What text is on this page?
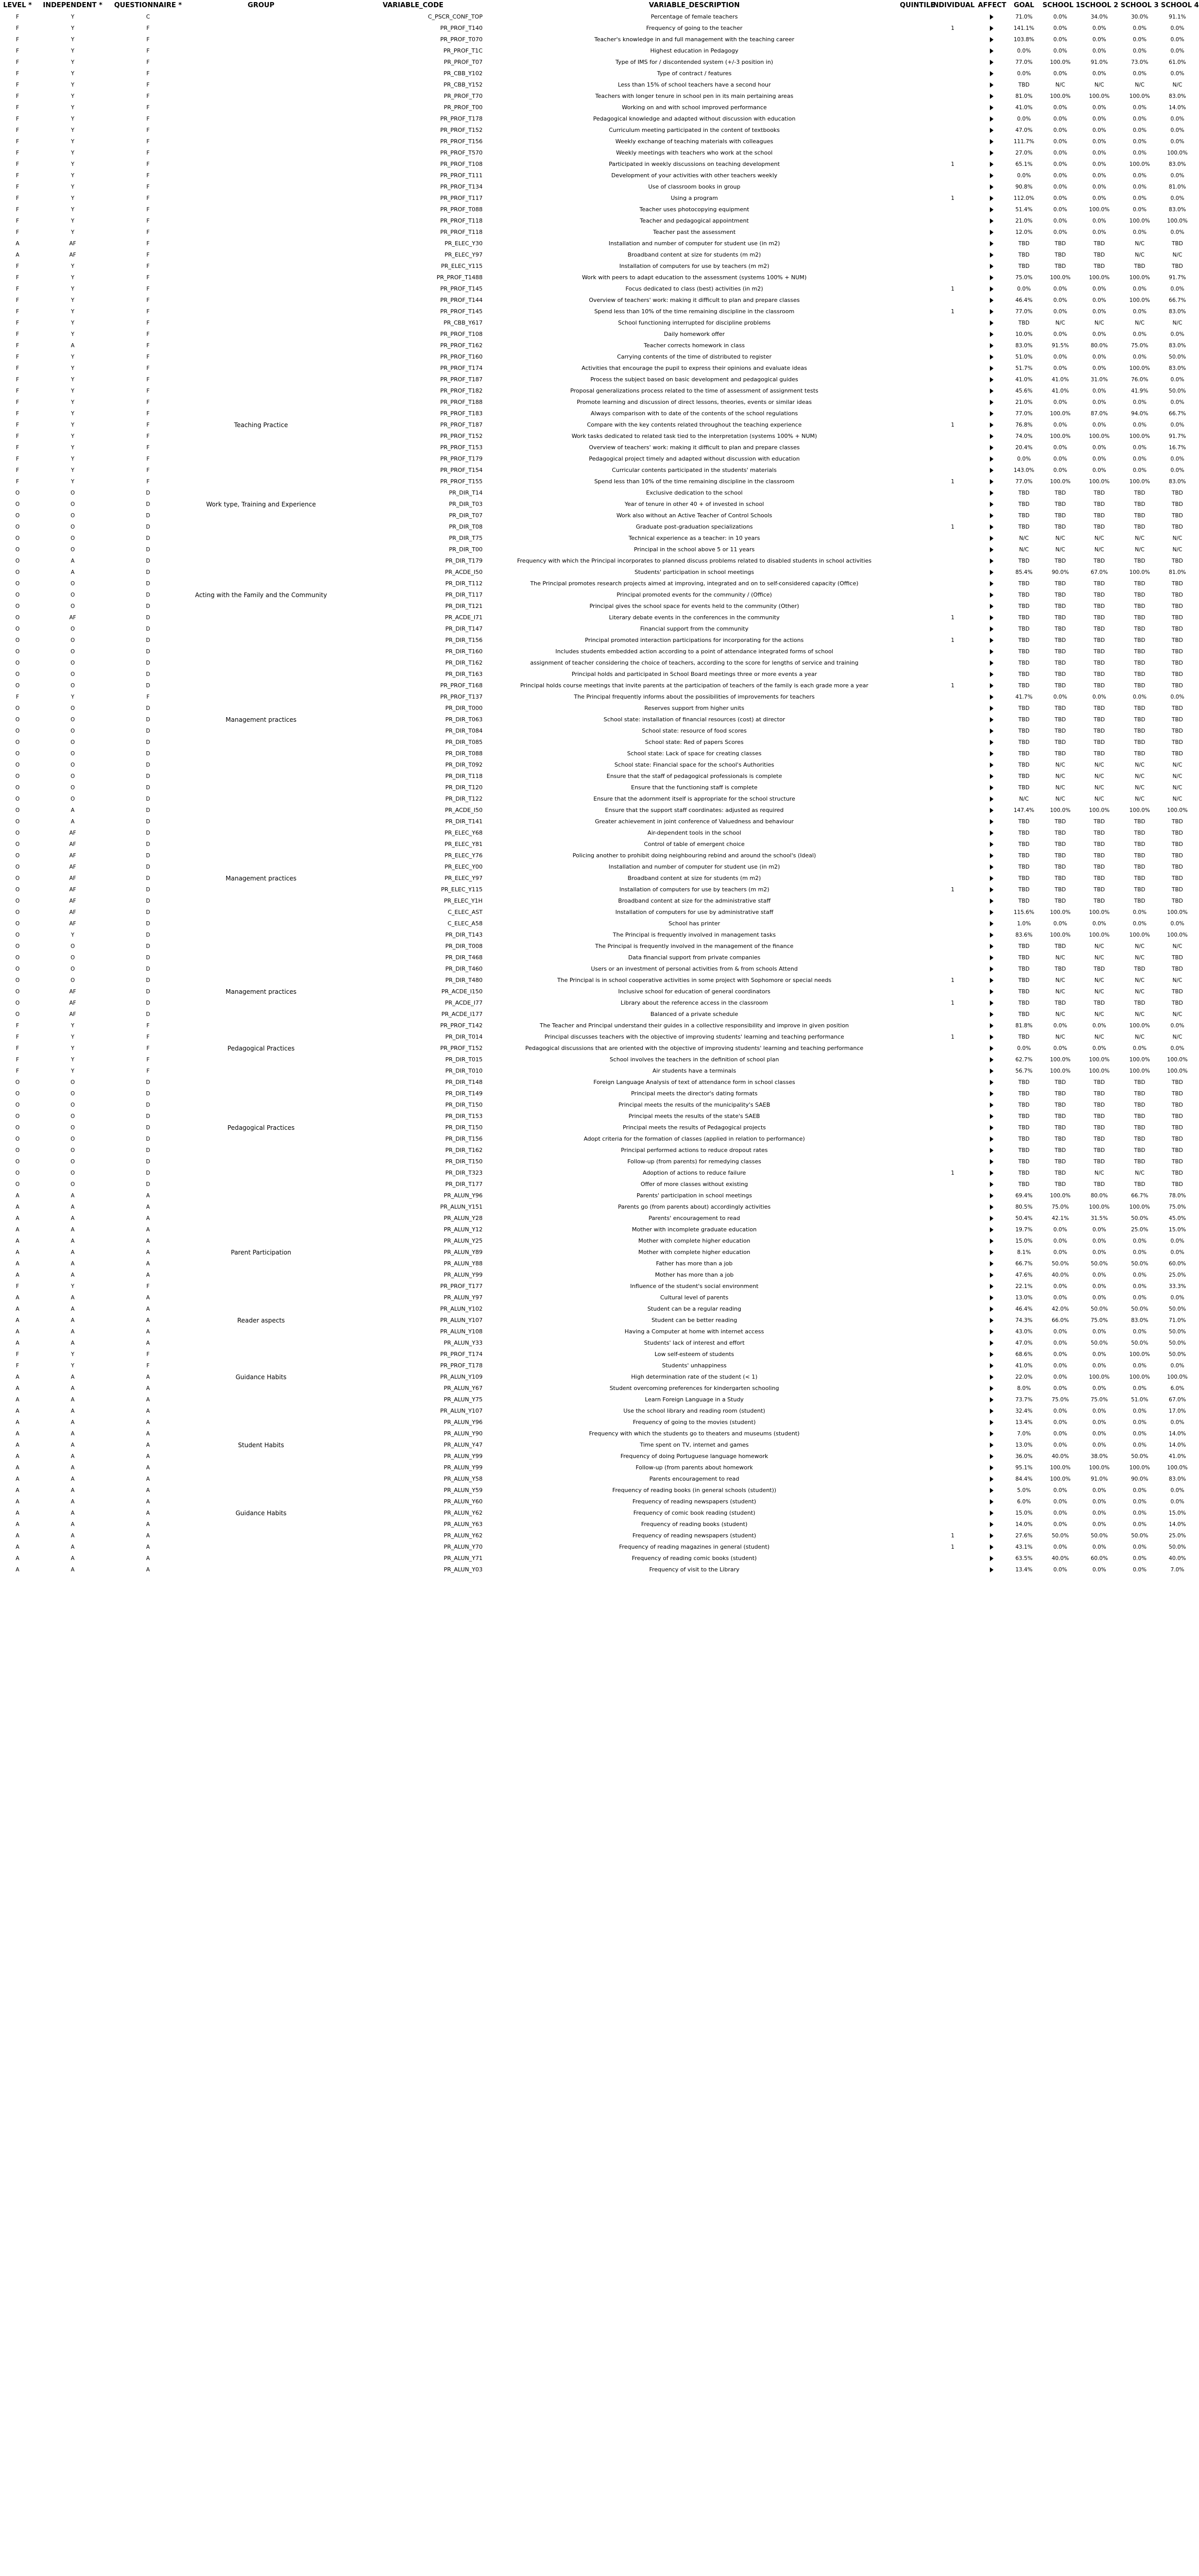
LEVEL *	INDEPENDENT *	QUESTIONNAIRE *	GROUP	VARIABLE_CODE	VARIABLE_DESCRIPTION	QUINTILE	INDIVIDUAL	AFFECT	GOAL	SCHOOL 1	SCHOOL 2	SCHOOL 3	SCHOOL 4
F	Y	C		C_PSCR_CONF_TOP	Percentage of female teachers				71.0%	0.0%	34.0%	30.0%	91.1%
F	Y	F		PR_PROF_T140	Frequency of going to the teacher		1		141.1%	0.0%	0.0%	0.0%	0.0%
F	Y	F		PR_PROF_T070	Teacher's knowledge in and full management with the teaching career				103.8%	0.0%	0.0%	0.0%	0.0%
F	Y	F		PR_PROF_T1C	Highest education in Pedagogy				0.0%	0.0%	0.0%	0.0%	0.0%
F	Y	F		PR_PROF_T07	Type of IMS for / discontended system (+/-3 position in)				77.0%	100.0%	91.0%	73.0%	61.0%
F	Y	F		PR_CBB_Y102	Type of contract / features				0.0%	0.0%	0.0%	0.0%	0.0%
F	Y	F		PR_CBB_Y152	Less than 15% of school teachers have a second hour				TBD	N/C	N/C	N/C	N/C
F	Y	F		PR_PROF_T70	Teachers with longer tenure in school pen in its main pertaining areas				81.0%	100.0%	100.0%	100.0%	83.0%
F	Y	F		PR_PROF_T00	Working on and with school improved performance				41.0%	0.0%	0.0%	0.0%	14.0%
F	Y	F		PR_PROF_T178	Pedagogical knowledge and adapted without discussion with education				0.0%	0.0%	0.0%	0.0%	0.0%
F	Y	F		PR_PROF_T152	Curriculum meeting participated in the content of textbooks				47.0%	0.0%	0.0%	0.0%	0.0%
F	Y	F		PR_PROF_T156	Weekly exchange of teaching materials with colleagues				111.7%	0.0%	0.0%	0.0%	0.0%
F	Y	F		PR_PROF_T570	Weekly meetings with teachers who work at the school				27.0%	0.0%	0.0%	0.0%	100.0%
F	Y	F		PR_PROF_T108	Participated in weekly discussions on teaching development		1		65.1%	0.0%	0.0%	100.0%	83.0%
F	Y	F		PR_PROF_T111	Development of your activities with other teachers weekly				0.0%	0.0%	0.0%	0.0%	0.0%
F	Y	F		PR_PROF_T134	Use of classroom books in group				90.8%	0.0%	0.0%	0.0%	81.0%
F	Y	F		PR_PROF_T117	Using a program		1		112.0%	0.0%	0.0%	0.0%	0.0%
F	Y	F		PR_PROF_T088	Teacher uses photocopying equipment				51.4%	0.0%	100.0%	0.0%	83.0%
F	Y	F		PR_PROF_T118	Teacher and pedagogical appointment				21.0%	0.0%	0.0%	100.0%	100.0%
F	Y	F		PR_PROF_T118	Teacher past the assessment				12.0%	0.0%	0.0%	0.0%	0.0%
A	AF	F		PR_ELEC_Y30	Installation and number of computer for student use (in m2)				TBD	TBD	TBD	N/C	TBD
A	AF	F		PR_ELEC_Y97	Broadband content at size for students (m m2)				TBD	TBD	TBD	N/C	N/C
F	Y	F		PR_ELEC_Y115	Installation of computers for use by teachers (m m2)				TBD	TBD	TBD	TBD	TBD
F	Y	F		PR_PROF_T1488	Work with peers to adapt education to the assessment (systems 100% + NUM)				75.0%	100.0%	100.0%	100.0%	91.7%
F	Y	F		PR_PROF_T145	Focus dedicated to class (best) activities (in m2)		1		0.0%	0.0%	0.0%	0.0%	0.0%
F	Y	F		PR_PROF_T144	Overview of teachers' work: making it difficult to plan and prepare classes				46.4%	0.0%	0.0%	100.0%	66.7%
F	Y	F		PR_PROF_T145	Spend less than 10% of the time remaining discipline in the classroom		1		77.0%	0.0%	0.0%	0.0%	83.0%
F	Y	F		PR_CBB_Y617	School functioning interrupted for discipline problems				TBD	N/C	N/C	N/C	N/C
F	Y	F		PR_PROF_T108	Daily homework offer				10.0%	0.0%	0.0%	0.0%	0.0%
F	A	F		PR_PROF_T162	Teacher corrects homework in class				83.0%	91.5%	80.0%	75.0%	83.0%
F	Y	F		PR_PROF_T160	Carrying contents of the time of distributed to register				51.0%	0.0%	0.0%	0.0%	50.0%
F	Y	F		PR_PROF_T174	Activities that encourage the pupil to express their opinions and evaluate ideas				51.7%	0.0%	0.0%	100.0%	83.0%
F	Y	F		PR_PROF_T187	Process the subject based on basic development and pedagogical guides				41.0%	41.0%	31.0%	76.0%	0.0%
F	Y	F		PR_PROF_T182	Proposal generalizations process related to the time of assessment of assignment tests				45.6%	41.0%	0.0%	41.9%	50.0%
F	Y	F		PR_PROF_T188	Promote learning and discussion of direct lessons, theories, events or similar ideas				21.0%	0.0%	0.0%	0.0%	0.0%
F	Y	F		PR_PROF_T183	Always comparison with to date of the contents of the school regulations				77.0%	100.0%	87.0%	94.0%	66.7%
F	Y	F	Teaching Practice	PR_PROF_T187	Compare with the key contents related throughout the teaching experience		1		76.8%	0.0%	0.0%	0.0%	0.0%
F	Y	F		PR_PROF_T152	Work tasks dedicated to related task tied to the interpretation (systems 100% + NUM)				74.0%	100.0%	100.0%	100.0%	91.7%
F	Y	F		PR_PROF_T153	Overview of teachers' work: making it difficult to plan and prepare classes				20.4%	0.0%	0.0%	0.0%	16.7%
F	Y	F		PR_PROF_T179	Pedagogical project timely and adapted without discussion with education				0.0%	0.0%	0.0%	0.0%	0.0%
F	Y	F		PR_PROF_T154	Curricular contents participated in the students' materials				143.0%	0.0%	0.0%	0.0%	0.0%
F	Y	F		PR_PROF_T155	Spend less than 10% of the time remaining discipline in the classroom		1		77.0%	100.0%	100.0%	100.0%	83.0%
O	O	D		PR_DIR_T14	Exclusive dedication to the school				TBD	TBD	TBD	TBD	TBD
O	O	D	Work type, Training and Experience	PR_DIR_T03	Year of tenure in other 40 + of invested in school				TBD	TBD	TBD	TBD	TBD
O	O	D		PR_DIR_T07	Work also without an Active Teacher of Control Schools				TBD	TBD	TBD	TBD	TBD
O	O	D		PR_DIR_T08	Graduate post-graduation specializations		1		TBD	TBD	TBD	TBD	TBD
O	O	D		PR_DIR_T75	Technical experience as a teacher: in 10 years				N/C	N/C	N/C	N/C	N/C
O	O	D		PR_DIR_T00	Principal in the school above 5 or 11 years				N/C	N/C	N/C	N/C	N/C
O	A	D		PR_DIR_T179	Frequency with which the Principal incorporates to planned discuss problems related to disabled students in school activities				TBD	TBD	TBD	TBD	TBD
O	A	D		PR_ACDE_I50	Students' participation in school meetings				85.4%	90.0%	67.0%	100.0%	81.0%
O	O	D		PR_DIR_T112	The Principal promotes research projects aimed at improving, integrated and on to self-considered capacity (Office)				TBD	TBD	TBD	TBD	TBD
O	O	D	Acting with the Family and the Community	PR_DIR_T117	Principal promoted events for the community / (Office)				TBD	TBD	TBD	TBD	TBD
O	O	D		PR_DIR_T121	Principal gives the school space for events held to the community (Other)				TBD	TBD	TBD	TBD	TBD
O	AF	D		PR_ACDE_I71	Literary debate events in the conferences in the community		1		TBD	TBD	TBD	TBD	TBD
O	O	D		PR_DIR_T147	Financial support from the community				TBD	TBD	TBD	TBD	TBD
O	O	D		PR_DIR_T156	Principal promoted interaction participations for incorporating for the actions		1		TBD	TBD	TBD	TBD	TBD
O	O	D		PR_DIR_T160	Includes students embedded action according to a point of attendance integrated forms of school				TBD	TBD	TBD	TBD	TBD
O	O	D		PR_DIR_T162	assignment of teacher considering the choice of teachers, according to the score for lengths of service and training				TBD	TBD	TBD	TBD	TBD
O	O	D		PR_DIR_T163	Principal holds and participated in School Board meetings three or more events a year				TBD	TBD	TBD	TBD	TBD
O	O	D		PR_PROF_T168	Principal holds course meetings that invite parents at the participation of teachers of the family is each grade more a year		1		TBD	TBD	TBD	TBD	TBD
F	Y	F		PR_PROF_T137	The Principal frequently informs about the possibilities of improvements for teachers				41.7%	0.0%	0.0%	0.0%	0.0%
O	O	D		PR_DIR_T000	Reserves support from higher units				TBD	TBD	TBD	TBD	TBD
O	O	D	Management practices	PR_DIR_T063	School state: installation of financial resources (cost) at director				TBD	TBD	TBD	TBD	TBD
O	O	D		PR_DIR_T084	School state: resource of food scores				TBD	TBD	TBD	TBD	TBD
O	O	D		PR_DIR_T085	School state: Red of papers Scores				TBD	TBD	TBD	TBD	TBD
O	O	D		PR_DIR_T088	School state: Lack of space for creating classes				TBD	TBD	TBD	TBD	TBD
O	O	D		PR_DIR_T092	School state: Financial space for the school's Authorities				TBD	N/C	N/C	N/C	N/C
O	O	D		PR_DIR_T118	Ensure that the staff of pedagogical professionals is complete				TBD	N/C	N/C	N/C	N/C
O	O	D		PR_DIR_T120	Ensure that the functioning staff is complete				TBD	N/C	N/C	N/C	N/C
O	O	D		PR_DIR_T122	Ensure that the adornment itself is appropriate for the school structure				N/C	N/C	N/C	N/C	N/C
O	A	D		PR_ACDE_I50	Ensure that the support staff coordinates: adjusted as required				147.4%	100.0%	100.0%	100.0%	100.0%
O	A	D		PR_DIR_T141	Greater achievement in joint conference of Valuedness and behaviour				TBD	TBD	TBD	TBD	TBD
O	AF	D		PR_ELEC_Y68	Air-dependent tools in the school				TBD	TBD	TBD	TBD	TBD
O	AF	D		PR_ELEC_Y81	Control of table of emergent choice				TBD	TBD	TBD	TBD	TBD
O	AF	D		PR_ELEC_Y76	Policing another to prohibit doing neighbouring rebind and around the school's (Ideal)				TBD	TBD	TBD	TBD	TBD
O	AF	D		PR_ELEC_Y00	Installation and number of computer for student use (in m2)				TBD	TBD	TBD	TBD	TBD
O	AF	D	Management practices	PR_ELEC_Y97	Broadband content at size for students (m m2)				TBD	TBD	TBD	TBD	TBD
O	AF	D		PR_ELEC_Y115	Installation of computers for use by teachers (m m2)		1		TBD	TBD	TBD	TBD	TBD
O	AF	D		PR_ELEC_Y1H	Broadband content at size for the administrative staff				TBD	TBD	TBD	TBD	TBD
O	AF	D		C_ELEC_AST	Installation of computers for use by administrative staff				115.6%	100.0%	100.0%	0.0%	100.0%
O	AF	D		C_ELEC_A58	School has printer				1.0%	0.0%	0.0%	0.0%	0.0%
O	Y	D		PR_DIR_T143	The Principal is frequently involved in management tasks				83.6%	100.0%	100.0%	100.0%	100.0%
O	O	D		PR_DIR_T008	The Principal is frequently involved in the management of the finance				TBD	TBD	N/C	N/C	N/C
O	O	D		PR_DIR_T468	Data financial support from private companies				TBD	N/C	N/C	N/C	TBD
O	O	D		PR_DIR_T460	Users or an investment of personal activities from & from schools Attend				TBD	TBD	TBD	TBD	TBD
O	O	D		PR_DIR_T480	The Principal is in school cooperative activities in some project with Sophomore or special needs		1		TBD	N/C	N/C	N/C	N/C
O	AF	D	Management practices	PR_ACDE_I150	Inclusive school for education of general coordinators				TBD	N/C	N/C	N/C	TBD
O	AF	D		PR_ACDE_I77	Library about the reference access in the classroom		1		TBD	TBD	TBD	TBD	TBD
O	AF	D		PR_ACDE_I177	Balanced of a private schedule				TBD	N/C	N/C	N/C	N/C
F	Y	F		PR_PROF_T142	The Teacher and Principal understand their guides in a collective responsibility and improve in given position				81.8%	0.0%	0.0%	100.0%	0.0%
F	Y	F		PR_DIR_T014	Principal discusses teachers with the objective of improving students' learning and teaching performance		1		TBD	N/C	N/C	N/C	N/C
F	Y	F	Pedagogical Practices	PR_PROF_T152	Pedagogical discussions that are oriented with the objective of improving students' learning and teaching performance				0.0%	0.0%	0.0%	0.0%	0.0%
F	Y	F		PR_DIR_T015	School involves the teachers in the definition of school plan				62.7%	100.0%	100.0%	100.0%	100.0%
F	Y	F		PR_DIR_T010	Air students have a terminals				56.7%	100.0%	100.0%	100.0%	100.0%
O	O	D		PR_DIR_T148	Foreign Language Analysis of text of attendance form in school classes				TBD	TBD	TBD	TBD	TBD
O	O	D		PR_DIR_T149	Principal meets the director's dating formats				TBD	TBD	TBD	TBD	TBD
O	O	D		PR_DIR_T150	Principal meets the results of the municipality's SAEB				TBD	TBD	TBD	TBD	TBD
O	O	D		PR_DIR_T153	Principal meets the results of the state's SAEB				TBD	TBD	TBD	TBD	TBD
O	O	D	Pedagogical Practices	PR_DIR_T150	Principal meets the results of Pedagogical projects				TBD	TBD	TBD	TBD	TBD
O	O	D		PR_DIR_T156	Adopt criteria for the formation of classes (applied in relation to performance)				TBD	TBD	TBD	TBD	TBD
O	O	D		PR_DIR_T162	Principal performed actions to reduce dropout rates				TBD	TBD	TBD	TBD	TBD
O	O	D		PR_DIR_T150	Follow-up (from parents) for remedying classes				TBD	TBD	TBD	TBD	TBD
O	O	D		PR_DIR_T323	Adoption of actions to reduce failure		1		TBD	TBD	N/C	N/C	TBD
O	O	D		PR_DIR_T177	Offer of more classes without existing				TBD	TBD	TBD	TBD	TBD
A	A	A		PR_ALUN_Y96	Parents' participation in school meetings				69.4%	100.0%	80.0%	66.7%	78.0%
A	A	A		PR_ALUN_Y151	Parents go (from parents about) accordingly activities				80.5%	75.0%	100.0%	100.0%	75.0%
A	A	A		PR_ALUN_Y28	Parents' encouragement to read				50.4%	42.1%	31.5%	50.0%	45.0%
A	A	A		PR_ALUN_Y12	Mother with incomplete graduate education				19.7%	0.0%	0.0%	25.0%	15.0%
A	A	A		PR_ALUN_Y25	Mother with complete higher education				15.0%	0.0%	0.0%	0.0%	0.0%
A	A	A	Parent Participation	PR_ALUN_Y89	Mother with complete higher education				8.1%	0.0%	0.0%	0.0%	0.0%
A	A	A		PR_ALUN_Y88	Father has more than a job				66.7%	50.0%	50.0%	50.0%	60.0%
A	A	A		PR_ALUN_Y99	Mother has more than a job				47.6%	40.0%	0.0%	0.0%	25.0%
F	Y	F		PR_PROF_T177	Influence of the student's social environment				22.1%	0.0%	0.0%	0.0%	33.3%
A	A	A		PR_ALUN_Y97	Cultural level of parents				13.0%	0.0%	0.0%	0.0%	0.0%
A	A	A		PR_ALUN_Y102	Student can be a regular reading				46.4%	42.0%	50.0%	50.0%	50.0%
A	A	A	Reader aspects	PR_ALUN_Y107	Student can be better reading				74.3%	66.0%	75.0%	83.0%	71.0%
A	A	A		PR_ALUN_Y108	Having a Computer at home with internet access				43.0%	0.0%	0.0%	0.0%	50.0%
A	A	A		PR_ALUN_Y33	Students' lack of interest and effort				47.0%	0.0%	50.0%	50.0%	50.0%
F	Y	F		PR_PROF_T174	Low self-esteem of students				68.6%	0.0%	0.0%	100.0%	50.0%
F	Y	F		PR_PROF_T178	Students' unhappiness				41.0%	0.0%	0.0%	0.0%	0.0%
A	A	A	Guidance Habits	PR_ALUN_Y109	High determination rate of the student (< 1)				22.0%	0.0%	100.0%	100.0%	100.0%
A	A	A		PR_ALUN_Y67	Student overcoming preferences for kindergarten schooling				8.0%	0.0%	0.0%	0.0%	6.0%
A	A	A		PR_ALUN_Y75	Learn Foreign Language in a Study				73.7%	75.0%	75.0%	51.0%	67.0%
A	A	A		PR_ALUN_Y107	Use the school library and reading room (student)				32.4%	0.0%	0.0%	0.0%	17.0%
A	A	A		PR_ALUN_Y96	Frequency of going to the movies (student)				13.4%	0.0%	0.0%	0.0%	0.0%
A	A	A		PR_ALUN_Y90	Frequency with which the students go to theaters and museums (student)				7.0%	0.0%	0.0%	0.0%	14.0%
A	A	A	Student Habits	PR_ALUN_Y47	Time spent on TV, internet and games				13.0%	0.0%	0.0%	0.0%	14.0%
A	A	A		PR_ALUN_Y99	Frequency of doing Portuguese language homework				36.0%	40.0%	38.0%	50.0%	41.0%
A	A	A		PR_ALUN_Y99	Follow-up (from parents about homework				95.1%	100.0%	100.0%	100.0%	100.0%
A	A	A		PR_ALUN_Y58	Parents encouragement to read				84.4%	100.0%	91.0%	90.0%	83.0%
A	A	A		PR_ALUN_Y59	Frequency of reading books (in general schools (student))				5.0%	0.0%	0.0%	0.0%	0.0%
A	A	A		PR_ALUN_Y60	Frequency of reading newspapers (student)				6.0%	0.0%	0.0%	0.0%	0.0%
A	A	A	Guidance Habits	PR_ALUN_Y62	Frequency of comic book reading (student)				15.0%	0.0%	0.0%	0.0%	15.0%
A	A	A		PR_ALUN_Y63	Frequency of reading books (student)				14.0%	0.0%	0.0%	0.0%	14.0%
A	A	A		PR_ALUN_Y62	Frequency of reading newspapers (student)		1		27.6%	50.0%	50.0%	50.0%	25.0%
A	A	A		PR_ALUN_Y70	Frequency of reading magazines in general (student)		1		43.1%	0.0%	0.0%	0.0%	50.0%
A	A	A		PR_ALUN_Y71	Frequency of reading comic books (student)				63.5%	40.0%	60.0%	0.0%	40.0%
A	A	A		PR_ALUN_Y03	Frequency of visit to the Library				13.4%	0.0%	0.0%	0.0%	7.0%
